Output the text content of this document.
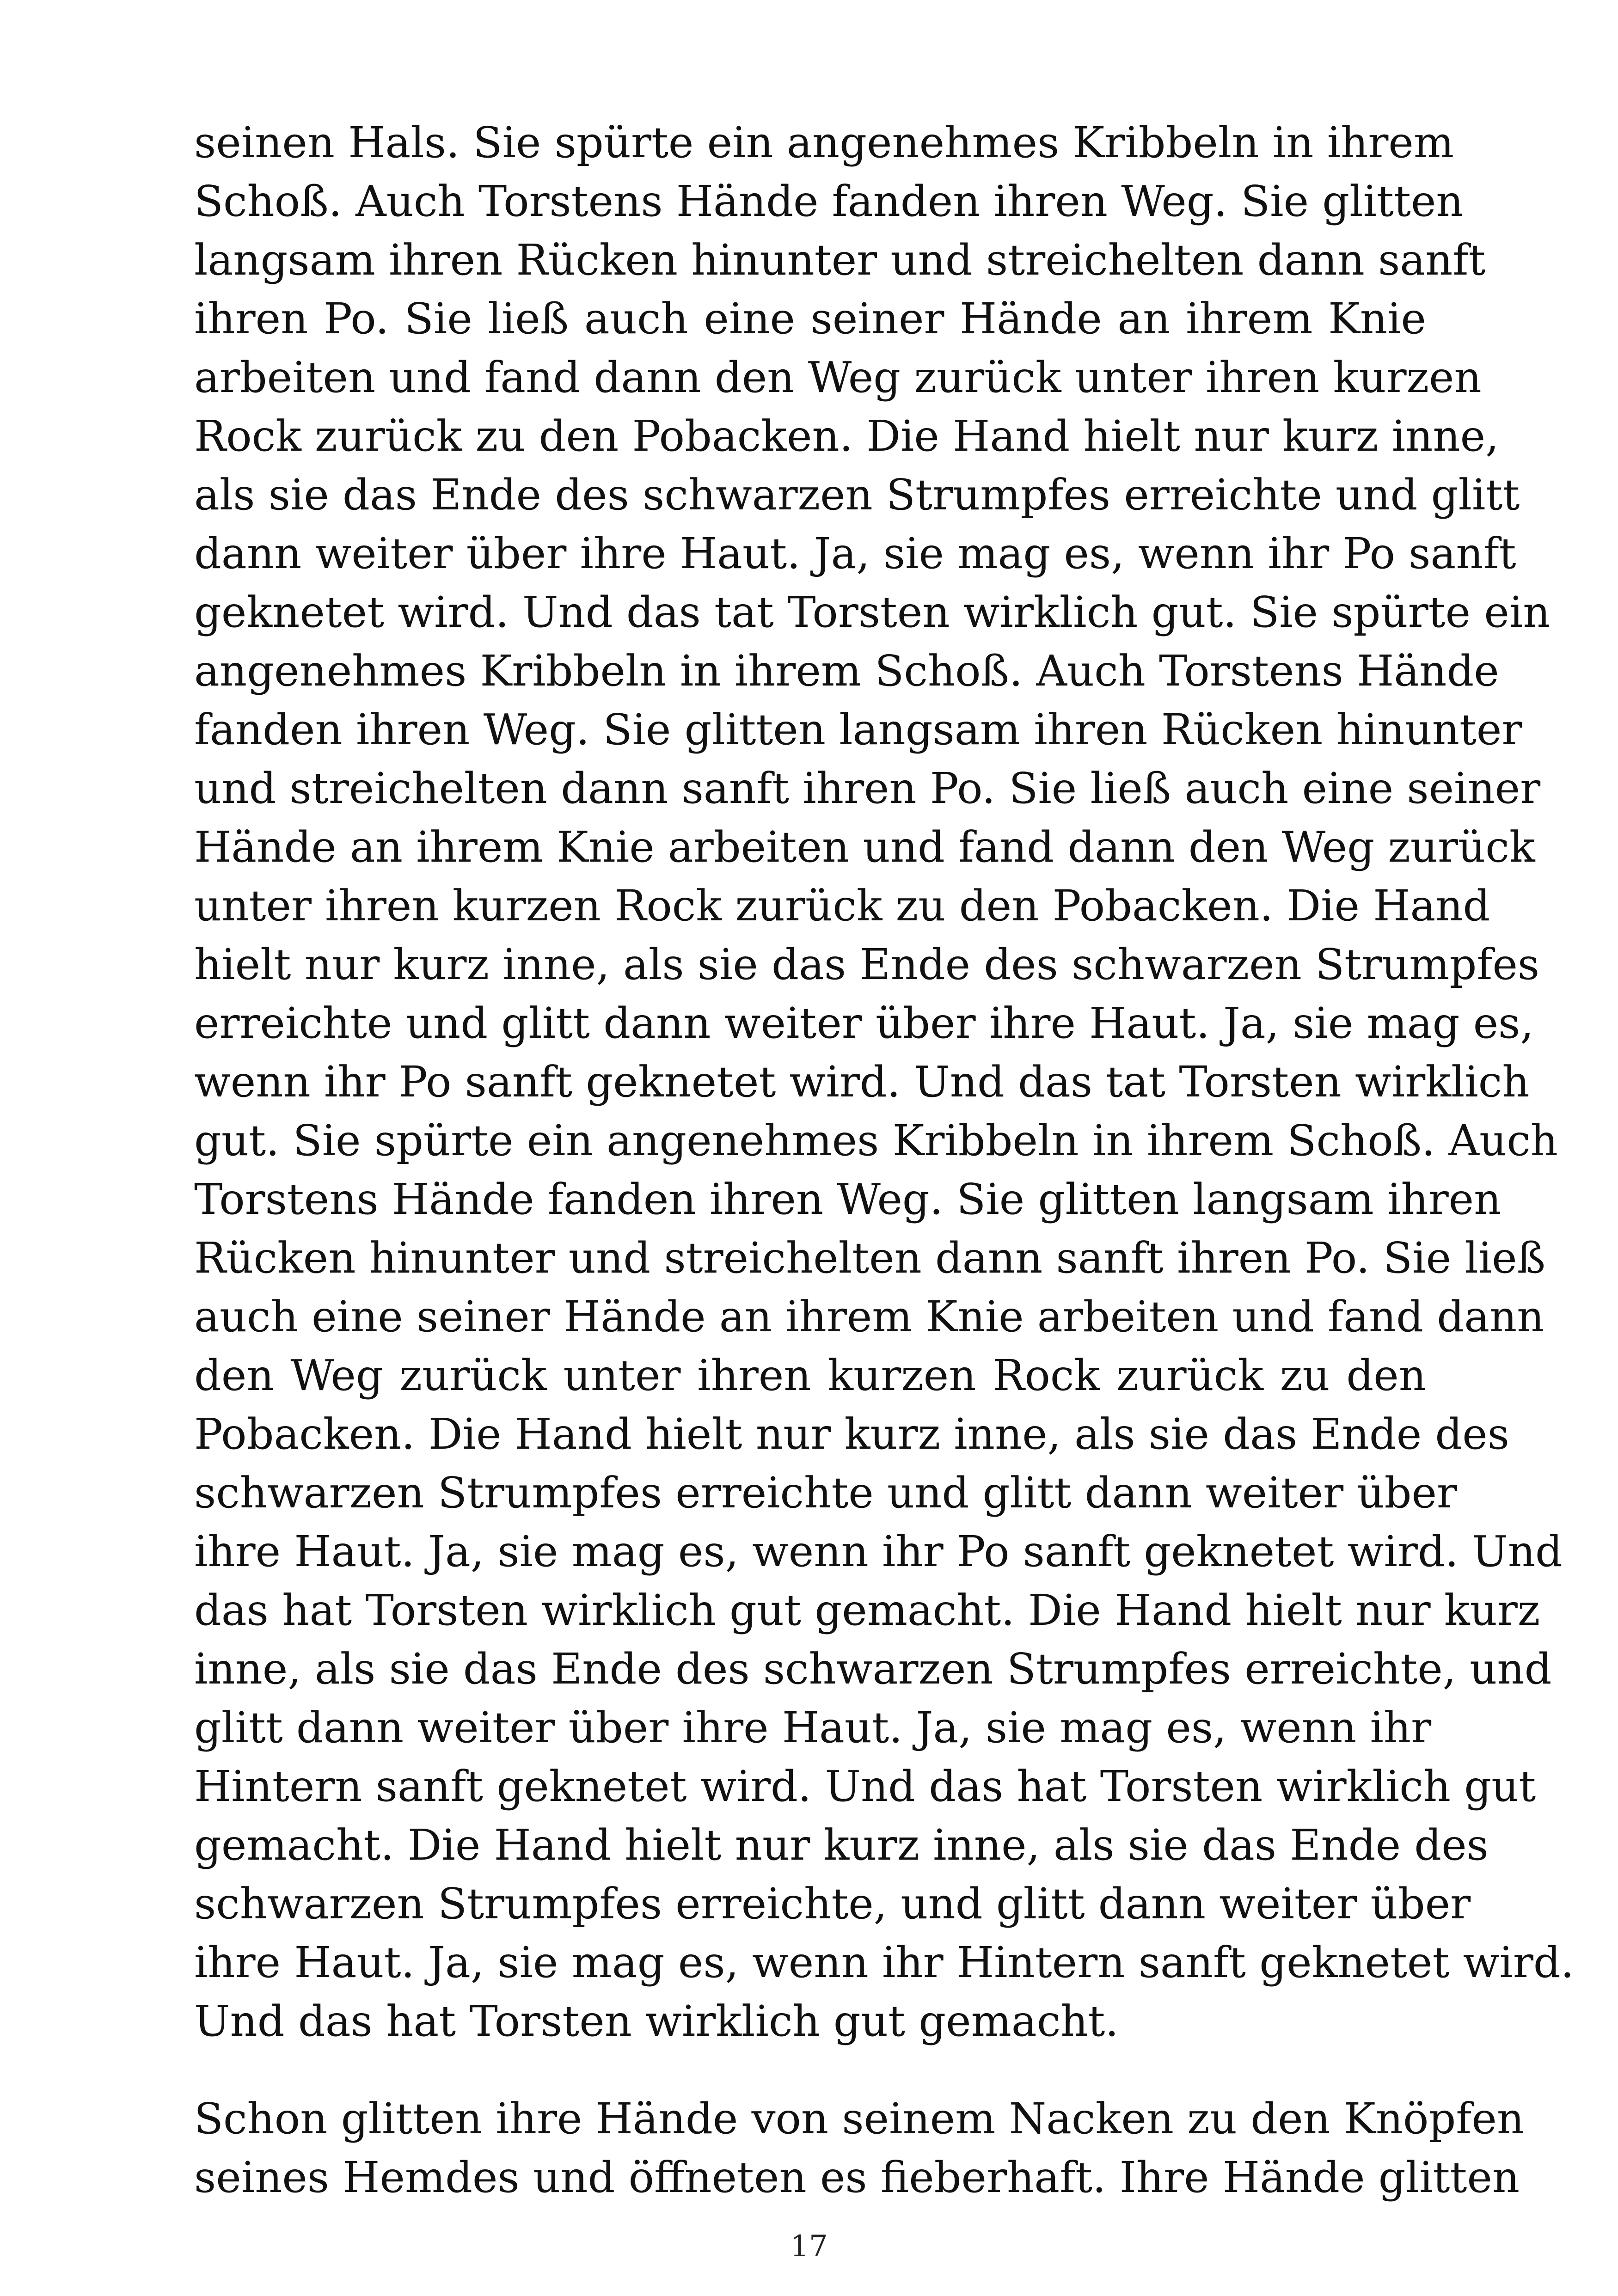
seinen Hals. Sie spürte ein angenehmes Kribbeln in ihrem
Schoß. Auch Torstens Hände fanden ihren Weg. Sie glitten
langsam ihren Rücken hinunter und streichelten dann sanft
ihren Po. Sie ließ auch eine seiner Hände an ihrem Knie
arbeiten und fand dann den Weg zurück unter ihren kurzen
Rock zurück zu den Pobacken. Die Hand hielt nur kurz inne,
als sie das Ende des schwarzen Strumpfes erreichte und glitt
dann weiter über ihre Haut. Ja, sie mag es, wenn ihr Po sanft
geknetet wird. Und das tat Torsten wirklich gut. Sie spürte ein
angenehmes Kribbeln in ihrem Schoß. Auch Torstens Hände
fanden ihren Weg. Sie glitten langsam ihren Rücken hinunter
und streichelten dann sanft ihren Po. Sie ließ auch eine seiner
Hände an ihrem Knie arbeiten und fand dann den Weg zurück
unter ihren kurzen Rock zurück zu den Pobacken. Die Hand
hielt nur kurz inne, als sie das Ende des schwarzen Strumpfes
erreichte und glitt dann weiter über ihre Haut. Ja, sie mag es,
wenn ihr Po sanft geknetet wird. Und das tat Torsten wirklich
gut. Sie spürte ein angenehmes Kribbeln in ihrem Schoß. Auch
Torstens Hände fanden ihren Weg. Sie glitten langsam ihren
Rücken hinunter und streichelten dann sanft ihren Po. Sie ließ
auch eine seiner Hände an ihrem Knie arbeiten und fand dann
den Weg zurück unter ihren kurzen Rock zurück zu den
Pobacken. Die Hand hielt nur kurz inne, als sie das Ende des
schwarzen Strumpfes erreichte und glitt dann weiter über
ihre Haut. Ja, sie mag es, wenn ihr Po sanft geknetet wird. Und
das hat Torsten wirklich gut gemacht. Die Hand hielt nur kurz
inne, als sie das Ende des schwarzen Strumpfes erreichte, und
glitt dann weiter über ihre Haut. Ja, sie mag es, wenn ihr
Hintern sanft geknetet wird. Und das hat Torsten wirklich gut
gemacht. Die Hand hielt nur kurz inne, als sie das Ende des
schwarzen Strumpfes erreichte, und glitt dann weiter über
ihre Haut. Ja, sie mag es, wenn ihr Hintern sanft geknetet wird.
Und das hat Torsten wirklich gut gemacht.
Schon glitten ihre Hände von seinem Nacken zu den Knöpfen
seines Hemdes und öffneten es fieberhaft. Ihre Hände glitten
17
